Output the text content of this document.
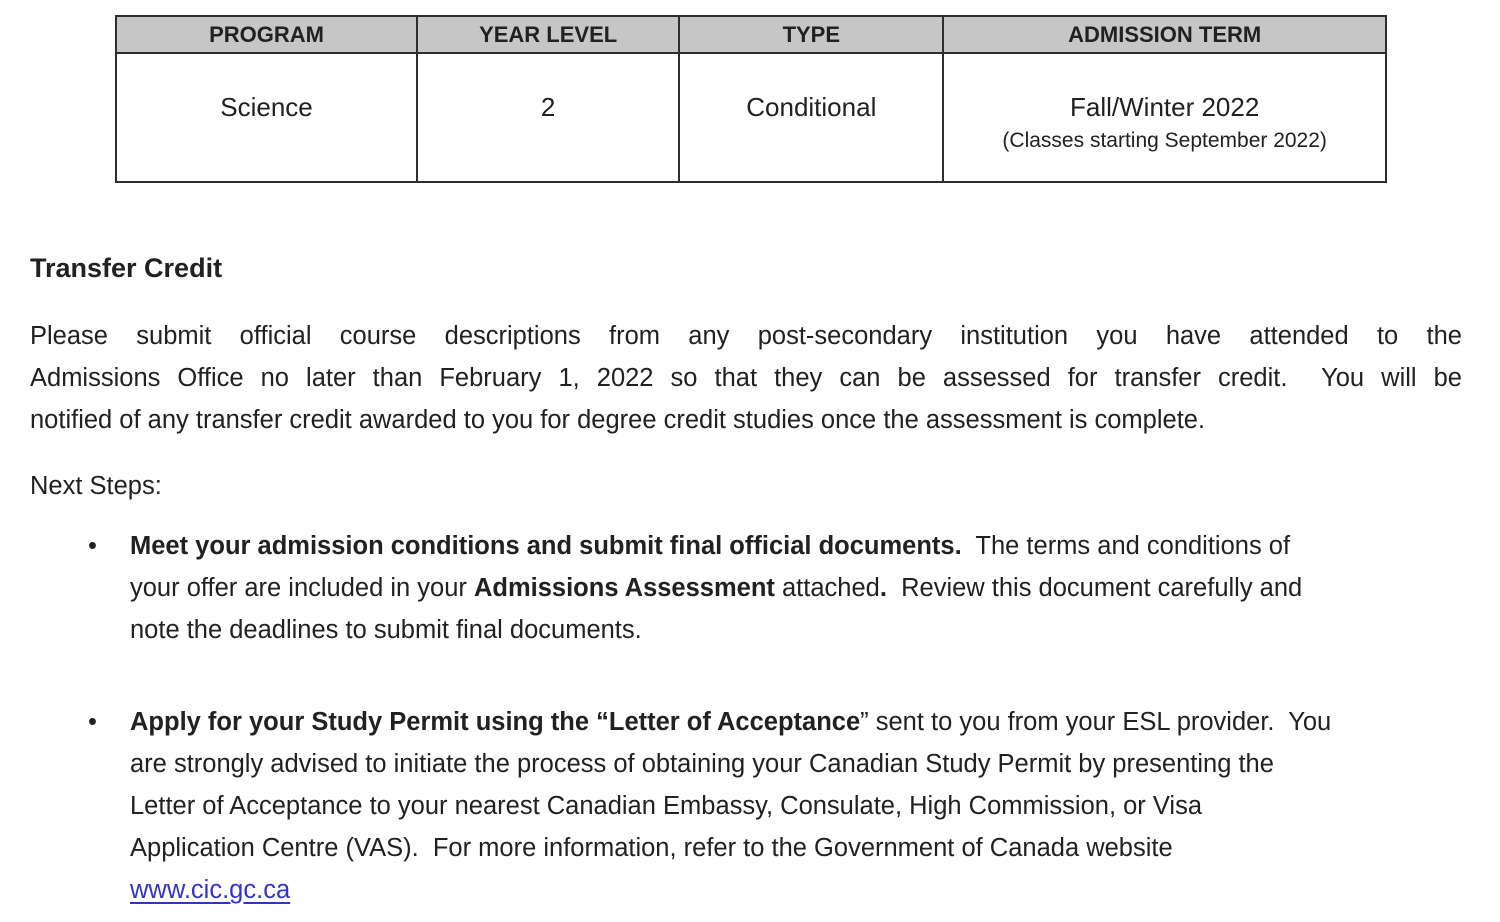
PROGRAM	YEAR LEVEL	TYPE	ADMISSION TERM
Science	2	Conditional	Fall/Winter 2022
(Classes starting September 2022)
Transfer Credit
Please submit official course descriptions from any post-secondary institution you have attended to the
Admissions Office no later than February 1, 2022 so that they can be assessed for transfer credit.  You will be
notified of any transfer credit awarded to you for degree credit studies once the assessment is complete.
Next Steps:
•	Meet your admission conditions and submit final official documents.  The terms and conditions of
your offer are included in your Admissions Assessment attached.  Review this document carefully and
note the deadlines to submit final documents.
•	Apply for your Study Permit using the “Letter of Acceptance” sent to you from your ESL provider.  You
are strongly advised to initiate the process of obtaining your Canadian Study Permit by presenting the
Letter of Acceptance to your nearest Canadian Embassy, Consulate, High Commission, or Visa
Application Centre (VAS).  For more information, refer to the Government of Canada website
www.cic.gc.ca
